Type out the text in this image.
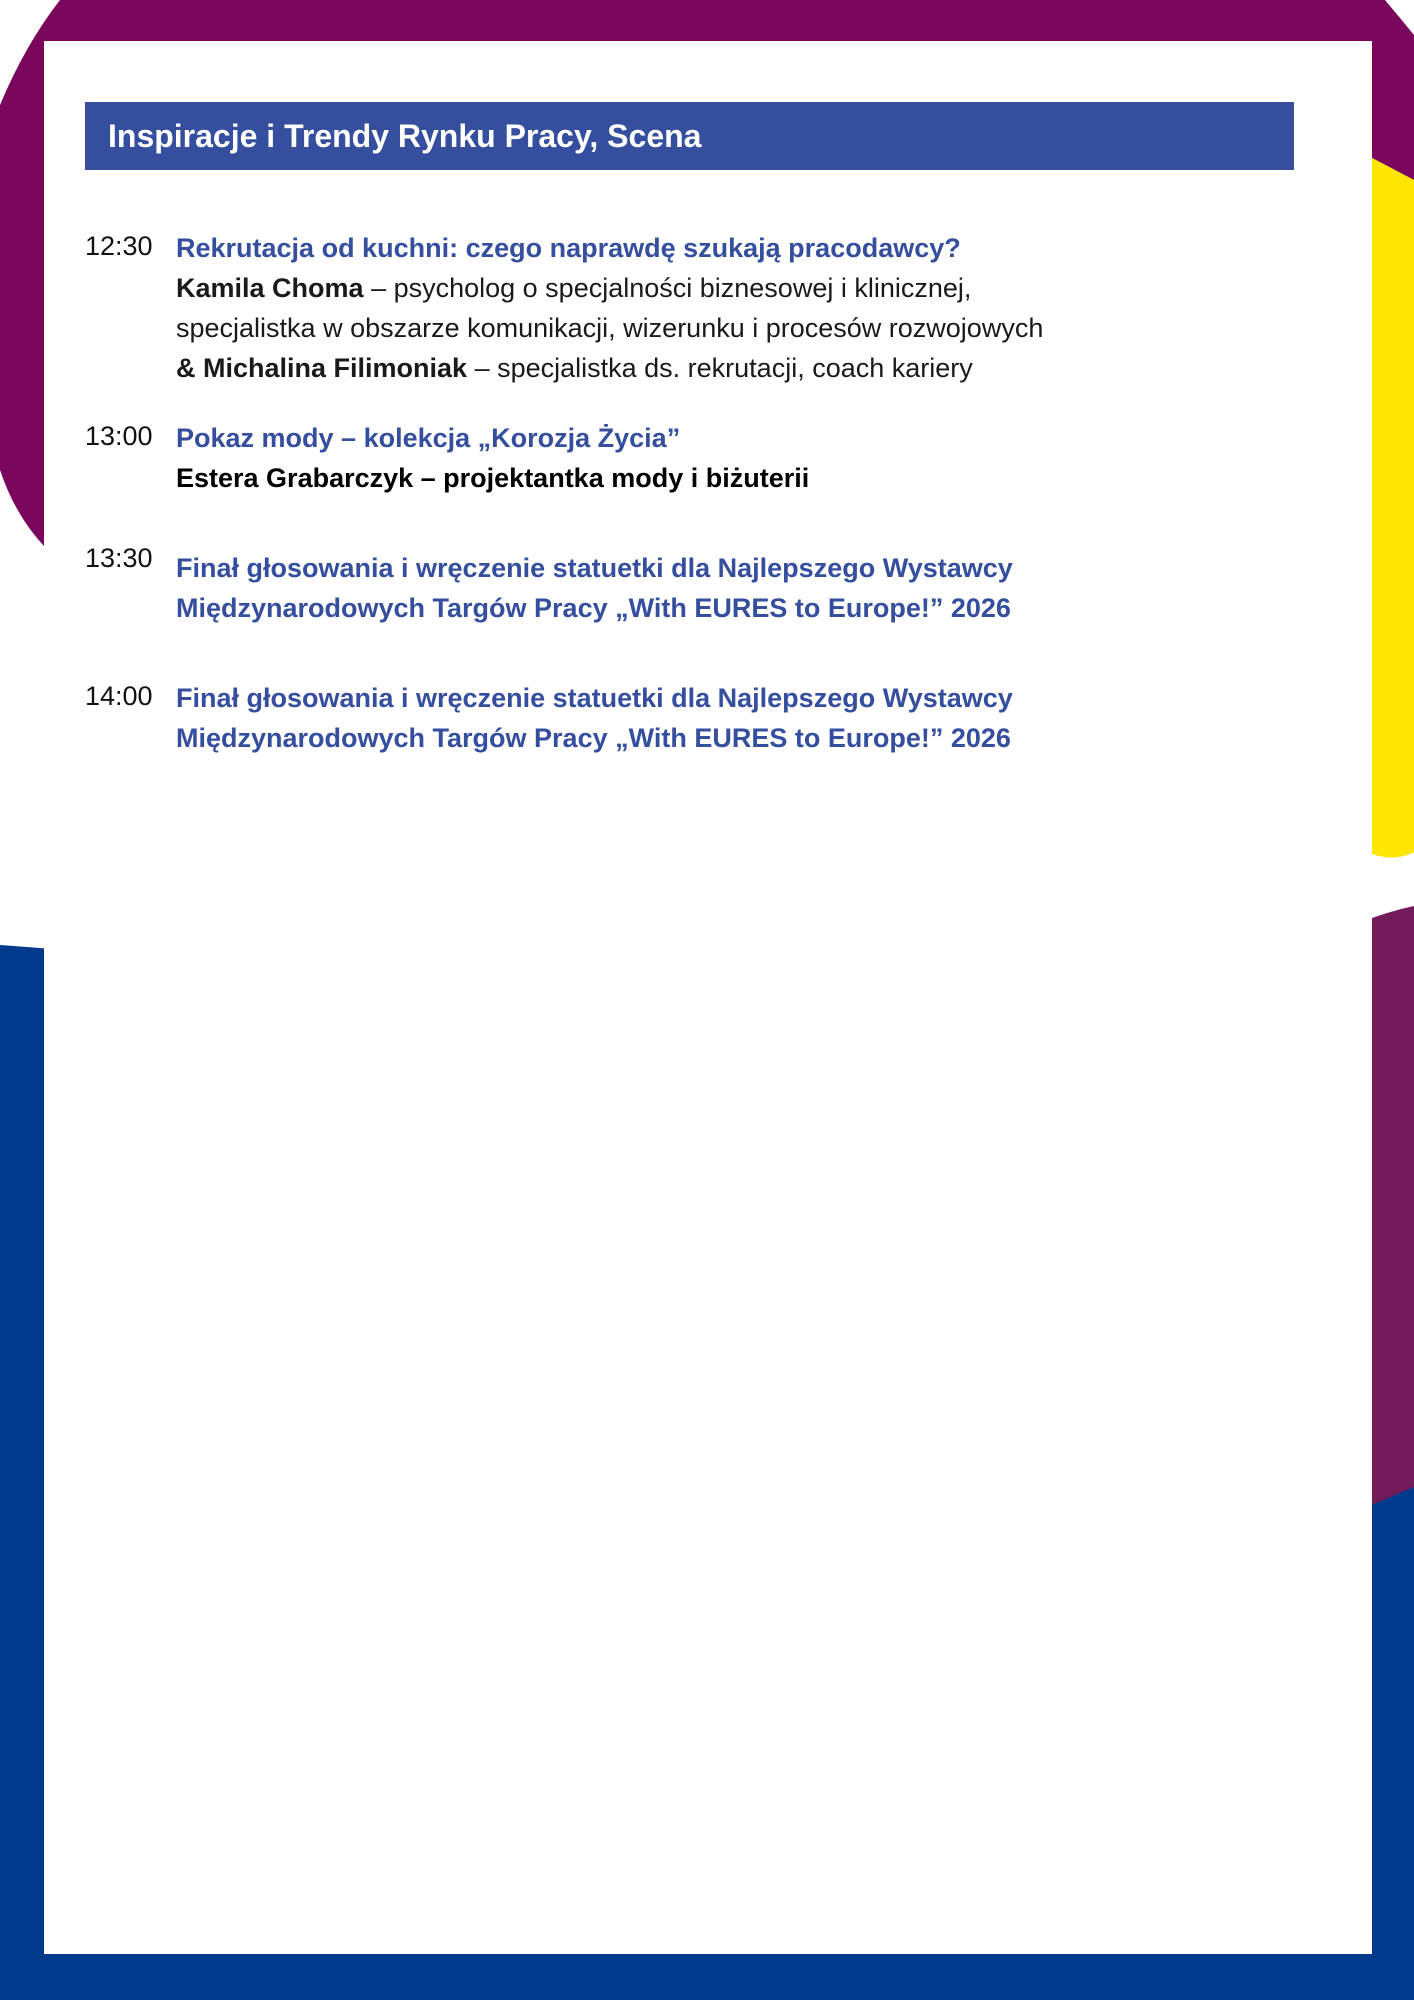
Inspiracje i Trendy Rynku Pracy, Scena
12:30 Rekrutacja od kuchni: czego naprawdę szukają pracodawcy?
Kamila Choma – psycholog o specjalności biznesowej i klinicznej,
specjalistka w obszarze komunikacji, wizerunku i procesów rozwojowych
& Michalina Filimoniak – specjalistka ds. rekrutacji, coach kariery
13:00 Pokaz mody – kolekcja „Korozja Życia”
Estera Grabarczyk – projektantka mody i biżuterii
13:30 Finał głosowania i wręczenie statuetki dla Najlepszego Wystawcy
Międzynarodowych Targów Pracy „With EURES to Europe!” 2026
14:00 Finał głosowania i wręczenie statuetki dla Najlepszego Wystawcy
Międzynarodowych Targów Pracy „With EURES to Europe!” 2026
